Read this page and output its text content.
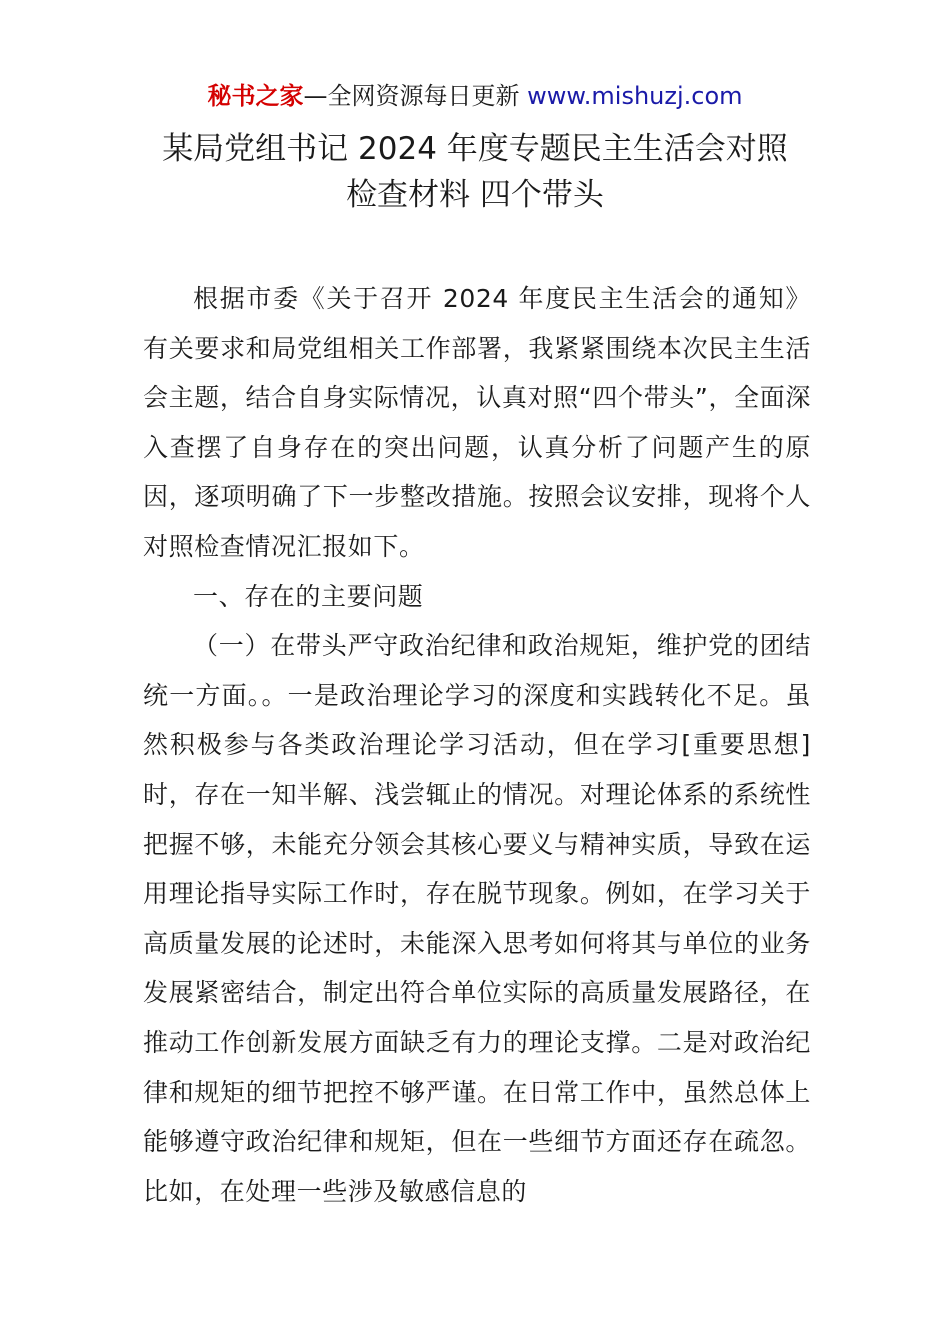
秘书之家—全网资源每日更新 www.mishuzj.com
某局党组书记 2024 年度专题民主生活会对照
检查材料 四个带头

根据市委《关于召开 2024 年度民主生活会的通知》有关要求和局党组相关工作部署，我紧紧围绕本次民主生活会主题，结合自身实际情况，认真对照“四个带头”，全面深入查摆了自身存在的突出问题，认真分析了问题产生的原因，逐项明确了下一步整改措施。按照会议安排，现将个人对照检查情况汇报如下。

一、存在的主要问题

（一）在带头严守政治纪律和政治规矩，维护党的团结统一方面。。一是政治理论学习的深度和实践转化不足。虽然积极参与各类政治理论学习活动，但在学习[重要思想]时，存在一知半解、浅尝辄止的情况。对理论体系的系统性把握不够，未能充分领会其核心要义与精神实质，导致在运用理论指导实际工作时，存在脱节现象。例如，在学习关于高质量发展的论述时，未能深入思考如何将其与单位的业务发展紧密结合，制定出符合单位实际的高质量发展路径，在推动工作创新发展方面缺乏有力的理论支撑。二是对政治纪律和规矩的细节把控不够严谨。在日常工作中，虽然总体上能够遵守政治纪律和规矩，但在一些细节方面还存在疏忽。比如，在处理一些涉及敏感信息的
